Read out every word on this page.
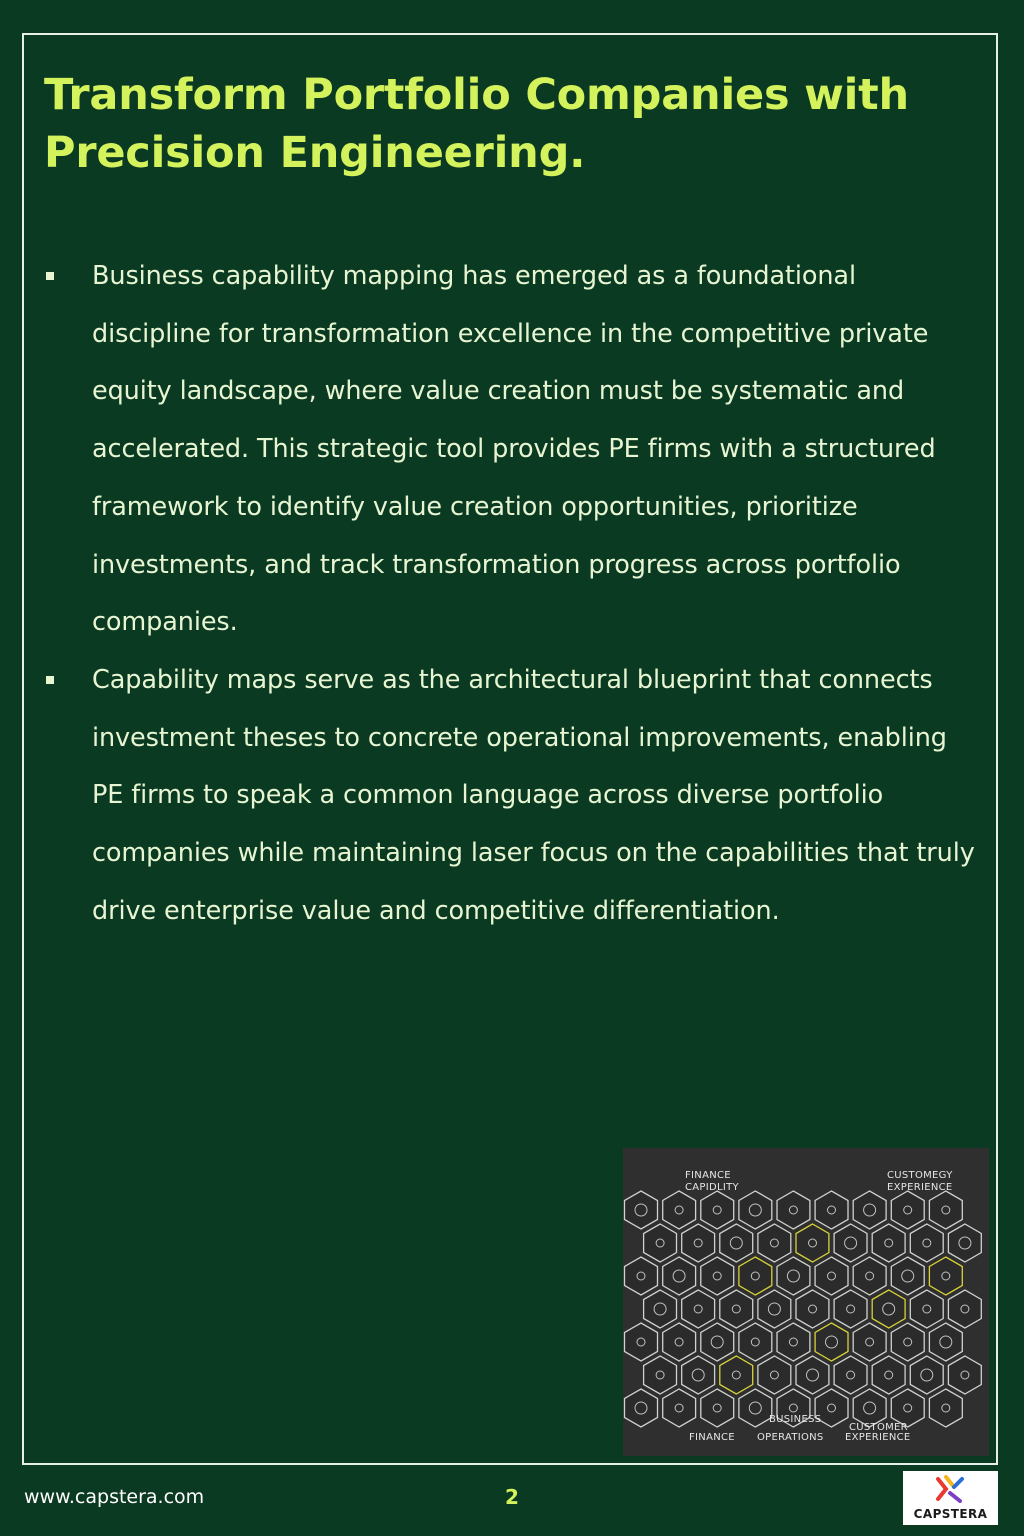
Transform Portfolio Companies with Precision Engineering.
Business capability mapping has emerged as a foundational discipline for transformation excellence in the competitive private equity landscape, where value creation must be systematic and accelerated. This strategic tool provides PE firms with a structured framework to identify value creation opportunities, prioritize investments, and track transformation progress across portfolio companies.
Capability maps serve as the architectural blueprint that connects investment theses to concrete operational improvements, enabling PE firms to speak a common language across diverse portfolio companies while maintaining laser focus on the capabilities that truly drive enterprise value and competitive differentiation.
FINANCE
CAPIDLITY
CUSTOMEGY
EXPERIENCE
BUSINESS
FINANCE OPERATIONS
CUSTOMER
EXPERIENCE
www.capstera.com	2
CAPSTERA
